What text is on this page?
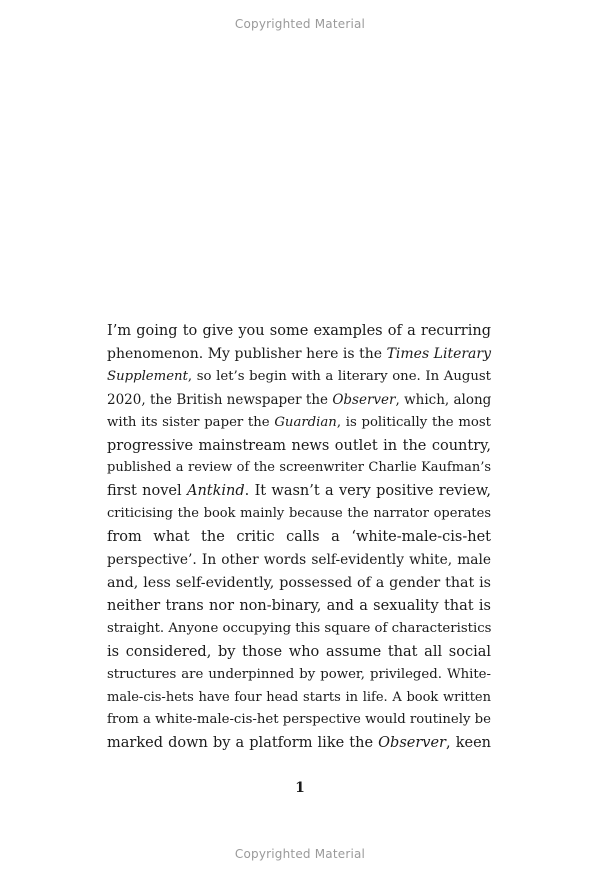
Copyrighted Material
I’m going to give you some examples of a recurring
phenomenon. My publisher here is the Times Literary
Supplement, so let’s begin with a literary one. In August
2020, the British newspaper the Observer, which, along
with its sister paper the Guardian, is politically the most
progressive mainstream news outlet in the country,
published a review of the screenwriter Charlie Kaufman’s
first novel Antkind. It wasn’t a very positive review,
criticising the book mainly because the narrator operates
from what the critic calls a ‘white-male-cis-het
perspective’. In other words self-evidently white, male
and, less self-evidently, possessed of a gender that is
neither trans nor non-binary, and a sexuality that is
straight. Anyone occupying this square of characteristics
is considered, by those who assume that all social
structures are underpinned by power, privileged. White-
male-cis-hets have four head starts in life. A book written
from a white-male-cis-het perspective would routinely be
marked down by a platform like the Observer, keen
1
Copyrighted Material
